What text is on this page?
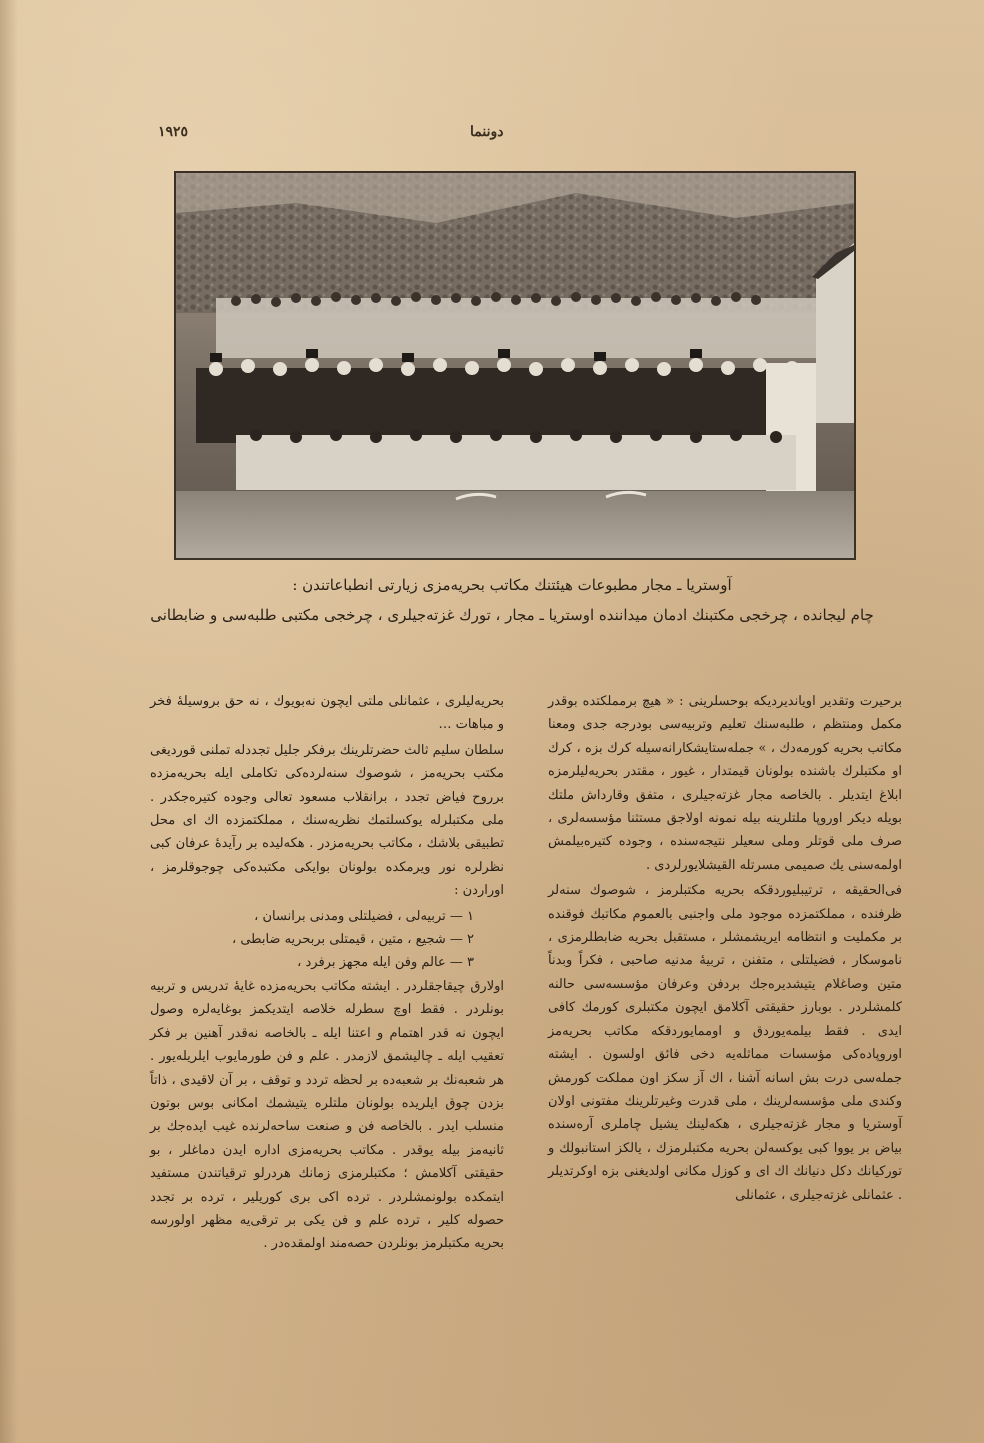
١٩٢٥	دوننما
آوستریا ـ مجار مطبوعات هیئتنك مكاتب بحریه‌مزی زیارتی انطباعاتندن :
چام لیجانده ، چرخجی مكتبنك ادمان میداننده اوستریا ـ مجار ، تورك غزته‌جیلری ، چرخجی مكتبی طلبه‌سی و ضابطانی

برحیرت وتقدیر اویاندیردیكه بوحسلرینی : « هیچ برمملكتده بوقدر مكمل ومنتظم ، طلبه‌سنك تعلیم وتربیه‌سی بودرجه جدی ومعنا مكاتب بحریه كورمه‌دك ، » جمله‌ستایشكارانه‌سیله كرك بزه ، كرك او مكتبلرك باشنده بولونان قیمتدار ، غیور ، مقتدر بحریه‌لیلرمزه ابلاغ ایتدیلر . بالخاصه مجار غزته‌جیلری ، متفق وقارداش ملتك بویله دیكر اوروپا ملتلرینه بیله نمونه اولاجق مستثنا مؤسسه‌لری ، صرف ملی قوتلر وملی سعیلر نتیجه‌سنده ، وجوده كتیره‌بیلمش اولمه‌سنی یك صمیمی مسرتله القیشلایورلردی .

فی‌الحقیقه ، ترتیبلیوردقكه بحریه مكتبلرمز ، شوصوك سنه‌لر ظرفنده ، مملكتمزده موجود ملی واجنبی بالعموم مكاتبك فوقنده بر مكملیت و انتظامه ایریشمشلر ، مستقبل بحریه ضابطلرمزی ، ناموسكار ، فضیلتلی ، متفنن ، تربیهٔ مدنیه صاحبی ، فكراً وبدناً متین وصاغلام یتیشدیره‌جك بردفن وعرفان مؤسسه‌سی حالنه كلمشلردر . بوبارز حقیقتی آكلامق ایچون مكتبلری كورمك كافی ایدی . فقط بیلمه‌یوردق و اوممایوردقكه مكاتب بحریه‌مز اوروپاده‌كی مؤسسات مماثله‌یه دخی فائق اولسون . ایشته جمله‌سی درت بش اسانه آشنا ، اك آز سكز اون مملكت كورمش وكندی ملی مؤسسه‌لرینك ، ملی قدرت وغیرتلرینك مفتونی اولان آوستریا و مجار غزته‌جیلری ، هكه‌لینك یشیل چاملری آره‌سنده بیاض بر یووا كبی یوكسه‌لن بحریه مكتبلرمزك ، یالكز استانبولك و توركیانك دكل دنیانك اك ای و كوزل مكانی اولدیغنی بزه اوكرتدیلر . عثمانلی غزته‌جیلری ، عثمانلی

بحریه‌لیلری ، عثمانلی ملتی ایچون نه‌بویوك ، نه حق بروسیلهٔ فخر و مباهات …

سلطان سلیم ثالث حضرتلرینك برفكر جلیل تجددله تملنی قوردیغی مكتب بحریه‌مز ، شوصوك سنه‌لرده‌كی تكاملی ایله بحریه‌مزده برروح فیاض تجدد ، برانقلاب مسعود تعالی وجوده كتیره‌جكدر . ملی مكتبلرله یوكسلتمك نظریه‌سنك ، مملكتمزده اك ای محل تطبیقی بلاشك ، مكاتب بحریه‌مزدر . هكه‌لیده بر رآیدهٔ عرفان كبی نظرلره نور ویرمكده بولونان بوایكی مكتبده‌كی چوجوقلرمز ، اوراردن :

١ — تربیه‌لی ، فضیلتلی ومدنی برانسان ،

٢ — شجیع ، متین ، قیمتلی بربحریه ضابطی ،

٣ — عالم وفن ایله مجهز برفرد ،

اولارق چیقاجقلردر . ایشته مكاتب بحریه‌مزده غایهٔ تدریس و تربیه بونلردر . فقط اوچ سطرله خلاصه ایتدیكمز بوغایه‌لره وصول ایچون نه قدر اهتمام و اعتنا ایله ـ بالخاصه نه‌قدر آهنین بر فكر تعقیب ایله ـ چالیشمق لازمدر . علم و فن طورمایوب ایلریله‌یور . هر شعبه‌نك بر شعبه‌ده بر لحظه تردد و توقف ، بر آن لاقیدی ، ذاتاً بزدن چوق ایلریده بولونان ملتلره یتیشمك امكانی بوس بوتون منسلب ایدر . بالخاصه فن و صنعت ساحه‌لرنده غیب ایده‌جك بر ثانیه‌مز بیله یوقدر . مكاتب بحریه‌مزی اداره ایدن دماغلر ، بو حقیقتی آكلامش ؛ مكتبلرمزی زمانك هردرلو ترقیاتندن مستفید ایتمكده بولونمشلردر . ترده اكی بری كوریلیر ، ترده بر تجدد حصوله كلیر ، ترده علم و فن یكی بر ترقی‌یه مظهر اولورسه بحریه مكتبلرمز بونلردن حصه‌مند اولمقده‌در .
